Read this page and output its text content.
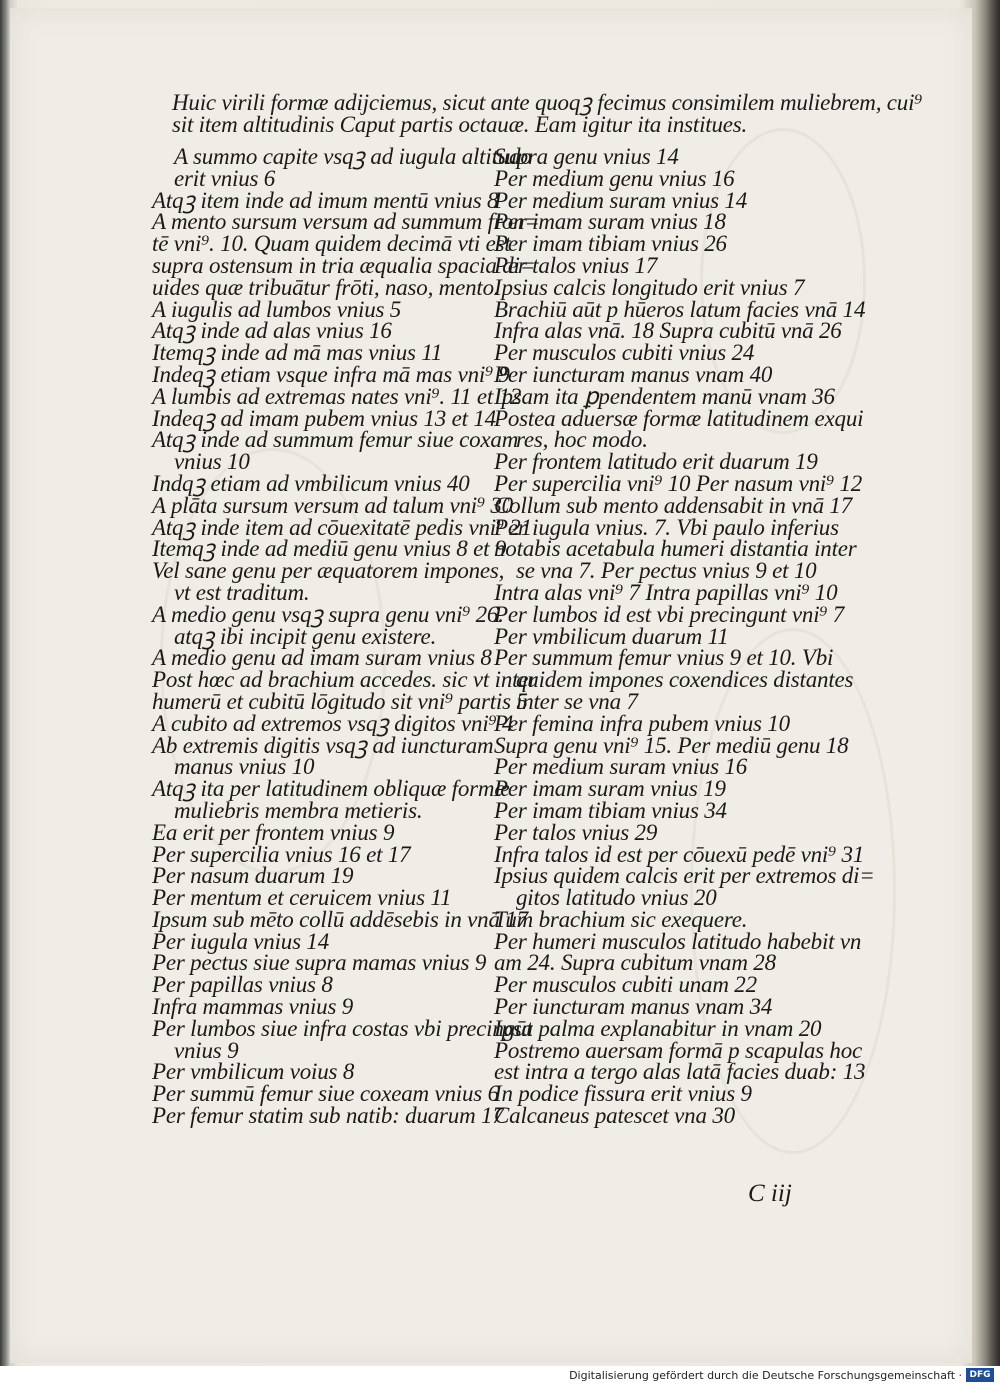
Huic virili formæ adijciemus, sicut ante quoqꝫ fecimus consimilem muliebrem, cui⁹
sit item altitudinis Caput partis octauæ. Eam igitur ita institues.
A summo capite vsqꝫ ad iugula altitudo
erit vnius 6
Atqꝫ item inde ad imum mentū vnius 8
A mento sursum versum ad summum fron=
tē vni⁹. 10. Quam quidem decimā vti est
supra ostensum in tria æqualia spacia di=
uides quæ tribuātur frōti, naso, mento.
A iugulis ad lumbos vnius 5
Atqꝫ inde ad alas vnius 16
Itemqꝫ inde ad mā mas vnius 11
Indeqꝫ etiam vsque infra mā mas vni⁹ 9
A lumbis ad extremas nates vni⁹. 11 et 12
Indeqꝫ ad imam pubem vnius 13 et 14
Atqꝫ inde ad summum femur siue coxam
vnius 10
Indqꝫ etiam ad vmbilicum vnius 40
A plāta sursum versum ad talum vni⁹ 30
Atqꝫ inde item ad cōuexitatē pedis vni⁹ 21
Itemqꝫ inde ad mediū genu vnius 8 et 9
Vel sane genu per æquatorem impones,
vt est traditum.
A medio genu vsqꝫ supra genu vni⁹ 26.
atqꝫ ibi incipit genu existere.
A medio genu ad imam suram vnius 8
Post hœc ad brachium accedes. sic vt inter
humerū et cubitū lōgitudo sit vni⁹ partis 5
A cubito ad extremos vsqꝫ digitos vni⁹ 4
Ab extremis digitis vsqꝫ ad iuncturam
manus vnius 10
Atqꝫ ita per latitudinem obliquæ formæ
muliebris membra metieris.
Ea erit per frontem vnius 9
Per supercilia vnius 16 et 17
Per nasum duarum 19
Per mentum et ceruicem vnius 11
Ipsum sub mēto collū addēsebis in vnā 17
Per iugula vnius 14
Per pectus siue supra mamas vnius 9
Per papillas vnius 8
Infra mammas vnius 9
Per lumbos siue infra costas vbi precingūt
vnius 9
Per vmbilicum voius 8
Per summū femur siue coxeam vnius 6
Per femur statim sub natib: duarum 17
Supra genu vnius 14
Per medium genu vnius 16
Per medium suram vnius 14
Per imam suram vnius 18
Per imam tibiam vnius 26
Per talos vnius 17
Ipsius calcis longitudo erit vnius 7
Brachiū aūt p hūeros latum facies vnā 14
Infra alas vnā. 18 Supra cubitū vnā 26
Per musculos cubiti vnius 24
Per iuncturam manus vnam 40
Ipsam ita ꝑpendentem manū vnam 36
Postea aduersæ formæ latitudinem exqui
res, hoc modo.
Per frontem latitudo erit duarum 19
Per supercilia vni⁹ 10 Per nasum vni⁹ 12
Collum sub mento addensabit in vnā 17
Per iugula vnius. 7. Vbi paulo inferius
notabis acetabula humeri distantia inter
se vna 7. Per pectus vnius 9 et 10
Intra alas vni⁹ 7 Intra papillas vni⁹ 10
Per lumbos id est vbi precingunt vni⁹ 7
Per vmbilicum duarum 11
Per summum femur vnius 9 et 10. Vbi
quidem impones coxendices distantes
inter se vna 7
Per femina infra pubem vnius 10
Supra genu vni⁹ 15. Per mediū genu 18
Per medium suram vnius 16
Per imam suram vnius 19
Per imam tibiam vnius 34
Per talos vnius 29
Infra talos id est per cōuexū pedē vni⁹ 31
Ipsius quidem calcis erit per extremos di=
gitos latitudo vnius 20
Tum brachium sic exequere.
Per humeri musculos latitudo habebit vn
am 24. Supra cubitum vnam 28
Per musculos cubiti unam 22
Per iuncturam manus vnam 34
Ipsa palma explanabitur in vnam 20
Postremo auersam formā p scapulas hoc
est intra a tergo alas latā facies duab: 13
In podice fissura erit vnius 9
Calcaneus patescet vna 30
C iij
Digitalisierung gefördert durch die Deutsche Forschungsgemeinschaft · DFG
